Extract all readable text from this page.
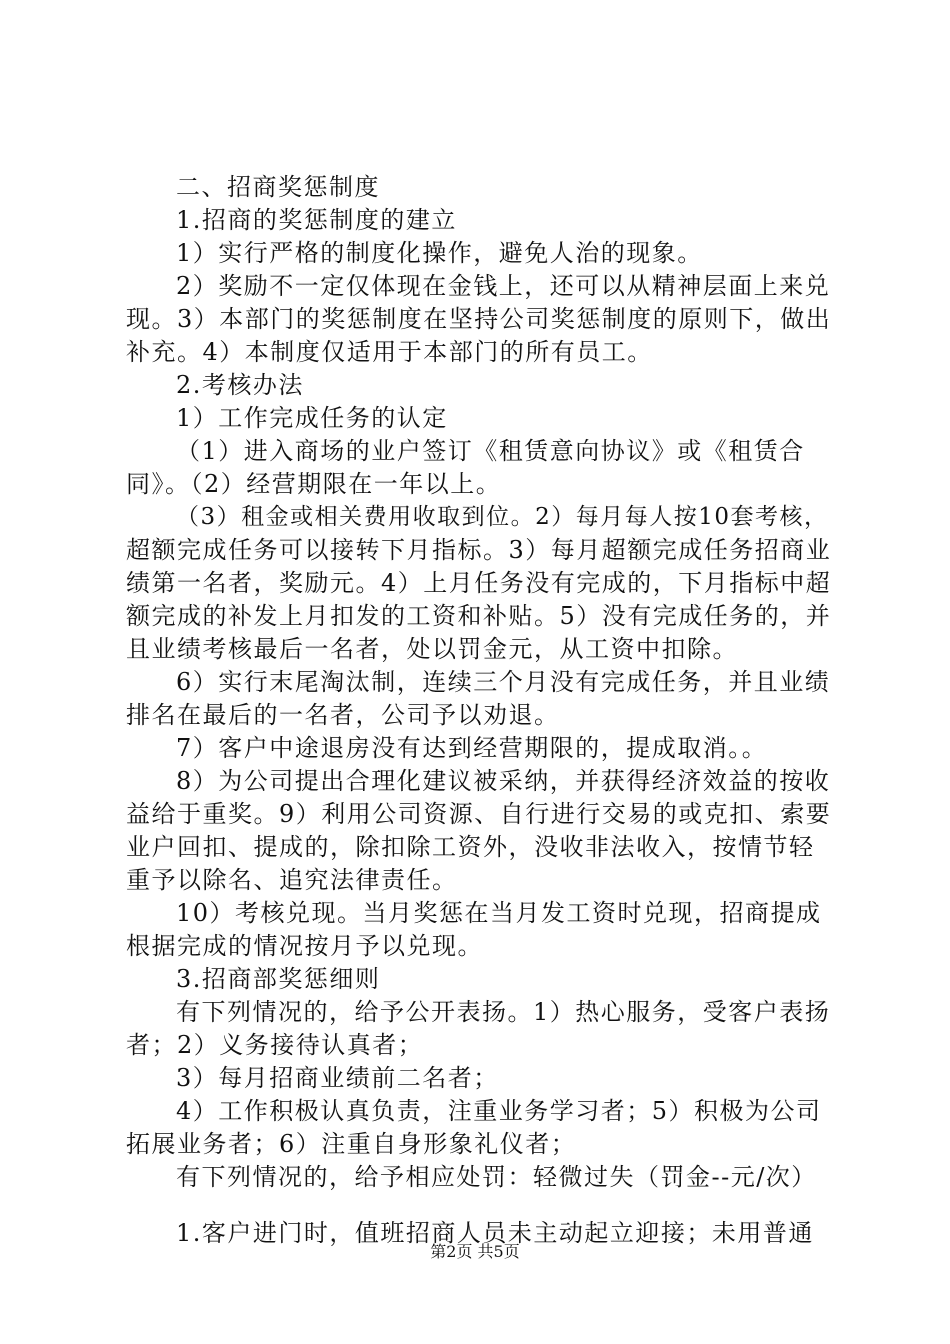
二、招商奖惩制度
1.招商的奖惩制度的建立
1）实行严格的制度化操作，避免人治的现象。
2）奖励不一定仅体现在金钱上，还可以从精神层面上来兑
现。3）本部门的奖惩制度在坚持公司奖惩制度的原则下，做出
补充。4）本制度仅适用于本部门的所有员工。
2.考核办法
1）工作完成任务的认定
（1）进入商场的业户签订《租赁意向协议》或《租赁合
同》。（2）经营期限在一年以上。
（3）租金或相关费用收取到位。2）每月每人按10套考核，
超额完成任务可以接转下月指标。3）每月超额完成任务招商业
绩第一名者，奖励元。4）上月任务没有完成的，下月指标中超
额完成的补发上月扣发的工资和补贴。5）没有完成任务的，并
且业绩考核最后一名者，处以罚金元，从工资中扣除。
6）实行末尾淘汰制，连续三个月没有完成任务，并且业绩
排名在最后的一名者，公司予以劝退。
7）客户中途退房没有达到经营期限的，提成取消。。
8）为公司提出合理化建议被采纳，并获得经济效益的按收
益给于重奖。9）利用公司资源、自行进行交易的或克扣、索要
业户回扣、提成的，除扣除工资外，没收非法收入，按情节轻
重予以除名、追究法律责任。
10）考核兑现。当月奖惩在当月发工资时兑现，招商提成
根据完成的情况按月予以兑现。
3.招商部奖惩细则
有下列情况的，给予公开表扬。1）热心服务，受客户表扬
者；2）义务接待认真者；
3）每月招商业绩前二名者；
4）工作积极认真负责，注重业务学习者；5）积极为公司
拓展业务者；6）注重自身形象礼仪者；
有下列情况的，给予相应处罚：轻微过失（罚金--元/次）
1.客户进门时，值班招商人员未主动起立迎接；未用普通
第2页 共5页
